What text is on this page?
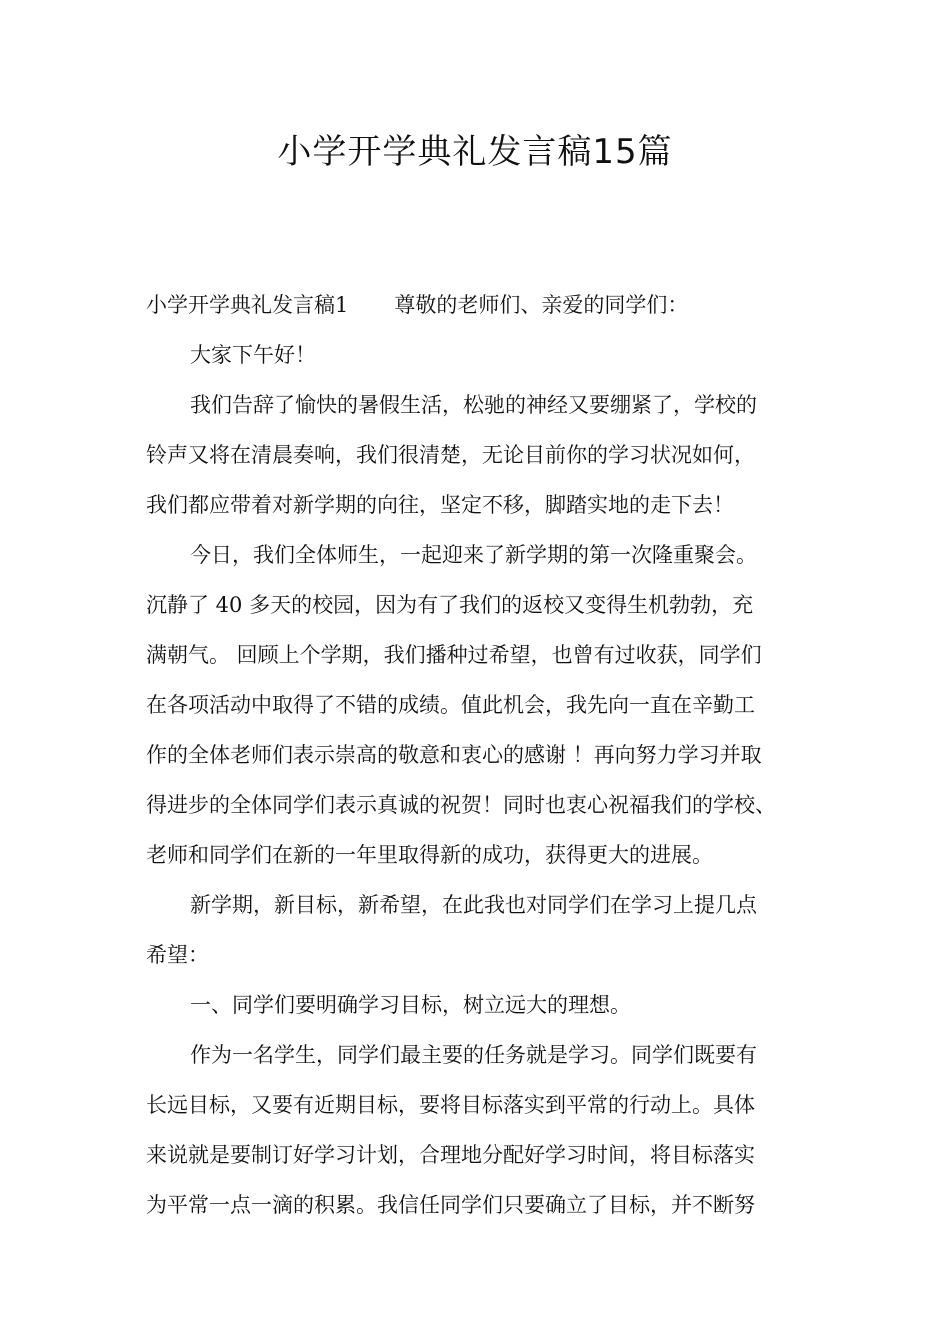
小学开学典礼发言稿15篇
小学开学典礼发言稿1 尊敬的老师们、亲爱的同学们：
大家下午好！
我们告辞了愉快的暑假生活，松驰的神经又要绷紧了，学校的
铃声又将在清晨奏响，我们很清楚，无论目前你的学习状况如何，
我们都应带着对新学期的向往，坚定不移，脚踏实地的走下去！
今日，我们全体师生，一起迎来了新学期的第一次隆重聚会。
沉静了 40 多天的校园，因为有了我们的返校又变得生机勃勃，充
满朝气。 回顾上个学期，我们播种过希望，也曾有过收获，同学们
在各项活动中取得了不错的成绩。值此机会，我先向一直在辛勤工
作的全体老师们表示崇高的敬意和衷心的感谢 ！再向努力学习并取
得进步的全体同学们表示真诚的祝贺！同时也衷心祝福我们的学校、
老师和同学们在新的一年里取得新的成功，获得更大的进展。
新学期，新目标，新希望，在此我也对同学们在学习上提几点
希望：
一、同学们要明确学习目标，树立远大的理想。
作为一名学生，同学们最主要的任务就是学习。同学们既要有
长远目标，又要有近期目标，要将目标落实到平常的行动上。具体
来说就是要制订好学习计划，合理地分配好学习时间，将目标落实
为平常一点一滴的积累。我信任同学们只要确立了目标，并不断努
